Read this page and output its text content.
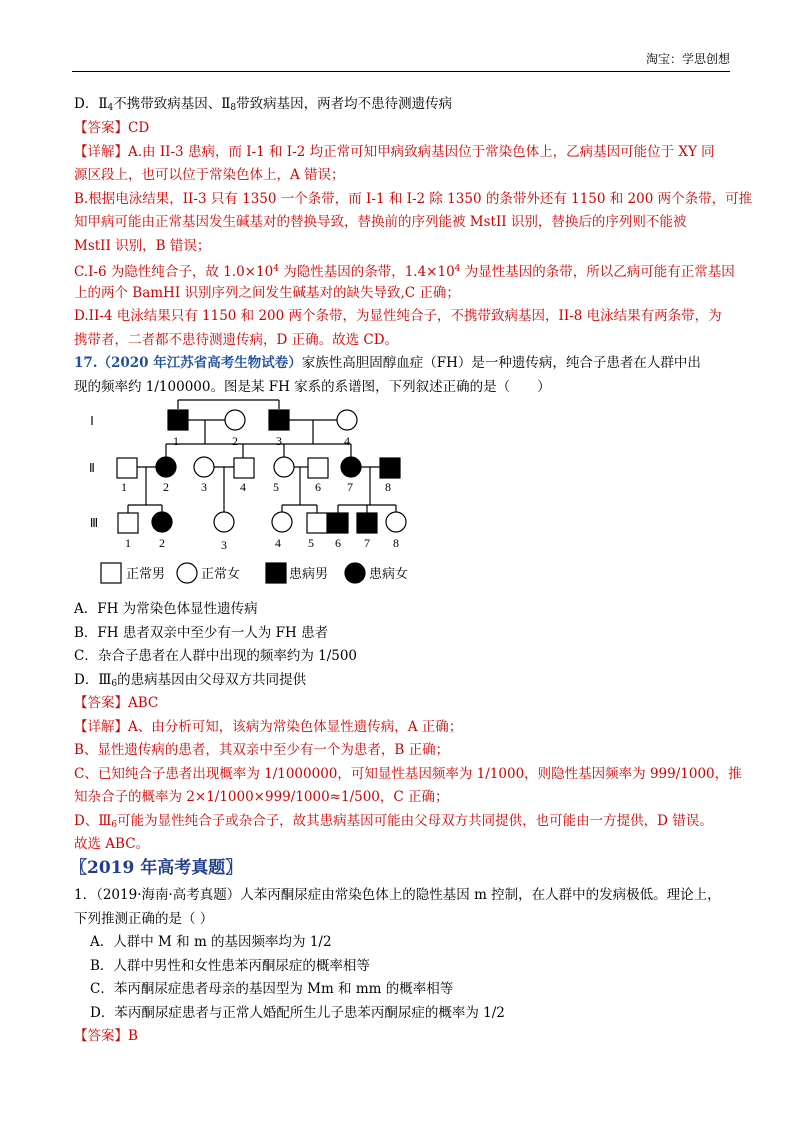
淘宝：学思创想
D．$Ⅱ_4$不携带致病基因、$Ⅱ_8$带致病基因，两者均不患待测遗传病
【答案】CD
【详解】A.由 II-3 患病，而 I-1 和 I-2 均正常可知甲病致病基因位于常染色体上，乙病基因可能位于 XY 同
源区段上，也可以位于常染色体上，A 错误；
B.根据电泳结果，II-3 只有 1350 一个条带，而 I-1 和 I-2 除 1350 的条带外还有 1150 和 200 两个条带，可推
知甲病可能由正常基因发生碱基对的替换导致，替换前的序列能被 MstII 识别，替换后的序列则不能被
MstII 识别，B 错误；
C.I-6 为隐性纯合子，故 $1.0\times 10^4$ 为隐性基因的条带，$1.4\times 10^4$ 为显性基因的条带，所以乙病可能有正常基因
上的两个 BamHI 识别序列之间发生碱基对的缺失导致,C 正确；
D.II-4 电泳结果只有 1150 和 200 两个条带，为显性纯合子，不携带致病基因，II-8 电泳结果有两条带，为
携带者，二者都不患待测遗传病，D 正确。故选 CD。
17.（2020 年江苏省高考生物试卷）家族性高胆固醇血症（FH）是一种遗传病，纯合子患者在人群中出
现的频率约 1/100000。图是某 FH 家系的系谱图，下列叙述正确的是（　　）
Ⅰ
Ⅱ
Ⅲ
1	2	3	4
1	2	3	4 5	6 7	8
1 2	3	4 5 6 7 8
正常男	正常女	患病男	患病女
A．FH 为常染色体显性遗传病
B．FH 患者双亲中至少有一人为 FH 患者
C．杂合子患者在人群中出现的频率约为 1/500
D．$Ⅲ_6$的患病基因由父母双方共同提供
【答案】ABC
【详解】A、由分析可知，该病为常染色体显性遗传病，A 正确；
B、显性遗传病的患者，其双亲中至少有一个为患者，B 正确；
C、已知纯合子患者出现概率为 1/1000000，可知显性基因频率为 1/1000，则隐性基因频率为 999/1000，推
知杂合子的概率为 2×1/1000×999/1000≈1/500，C 正确；
D、$Ⅲ_6$可能为显性纯合子或杂合子，故其患病基因可能由父母双方共同提供，也可能由一方提供，D 错误。
故选 ABC。
〖2019 年高考真题〗
1．（2019·海南·高考真题）人苯丙酮尿症由常染色体上的隐性基因 m 控制，在人群中的发病极低。理论上，
下列推测正确的是（ ）
A．人群中 M 和 m 的基因频率均为 1/2
B．人群中男性和女性患苯丙酮尿症的概率相等
C．苯丙酮尿症患者母亲的基因型为 Mm 和 mm 的概率相等
D．苯丙酮尿症患者与正常人婚配所生儿子患苯丙酮尿症的概率为 1/2
【答案】B
